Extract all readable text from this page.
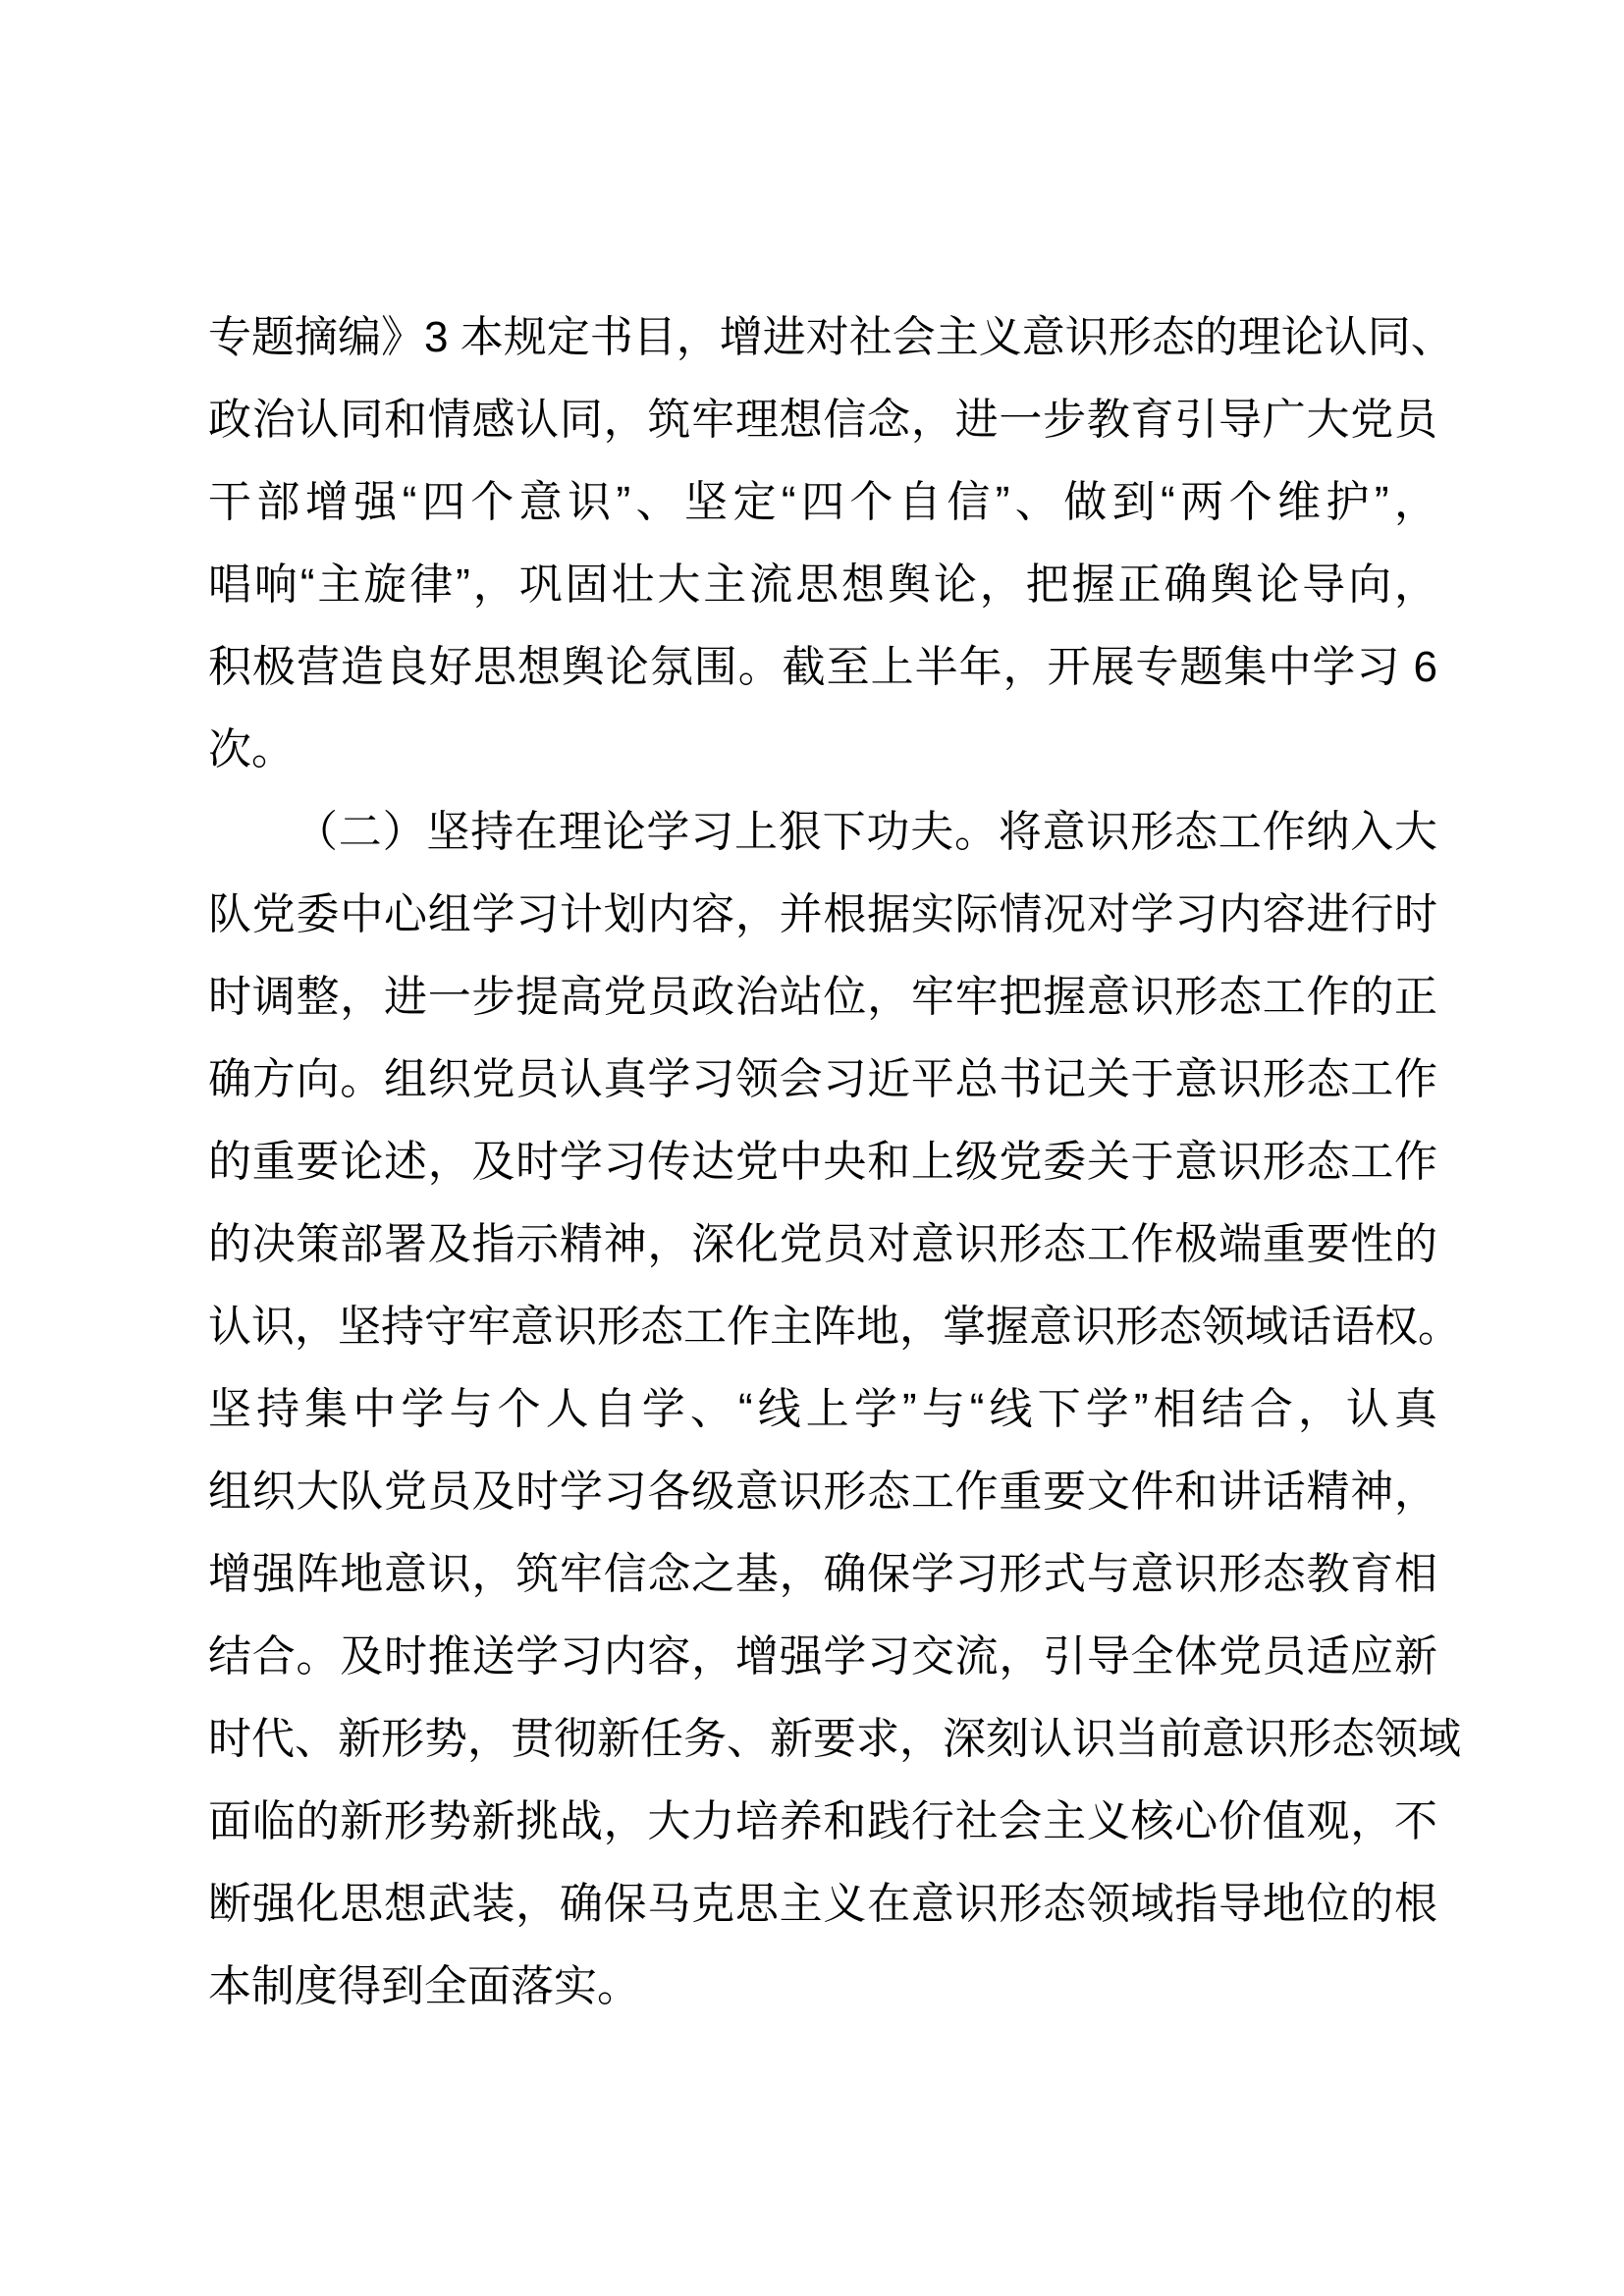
专题摘编》3 本规定书目，增进对社会主义意识形态的理论认同、

政治认同和情感认同，筑牢理想信念，进一步教育引导广大党员

干部增强“四个意识”、坚定“四个自信”、做到“两个维护”，

唱响“主旋律”，巩固壮大主流思想舆论，把握正确舆论导向，

积极营造良好思想舆论氛围。截至上半年，开展专题集中学习 6

次。

（二）坚持在理论学习上狠下功夫。将意识形态工作纳入大

队党委中心组学习计划内容，并根据实际情况对学习内容进行时

时调整，进一步提高党员政治站位，牢牢把握意识形态工作的正

确方向。组织党员认真学习领会习近平总书记关于意识形态工作

的重要论述，及时学习传达党中央和上级党委关于意识形态工作

的决策部署及指示精神，深化党员对意识形态工作极端重要性的

认识，坚持守牢意识形态工作主阵地，掌握意识形态领域话语权。

坚持集中学与个人自学、“线上学”与“线下学”相结合，认真

组织大队党员及时学习各级意识形态工作重要文件和讲话精神，

增强阵地意识，筑牢信念之基，确保学习形式与意识形态教育相

结合。及时推送学习内容，增强学习交流，引导全体党员适应新

时代、新形势，贯彻新任务、新要求，深刻认识当前意识形态领域

面临的新形势新挑战，大力培养和践行社会主义核心价值观，不

断强化思想武装，确保马克思主义在意识形态领域指导地位的根

本制度得到全面落实。
